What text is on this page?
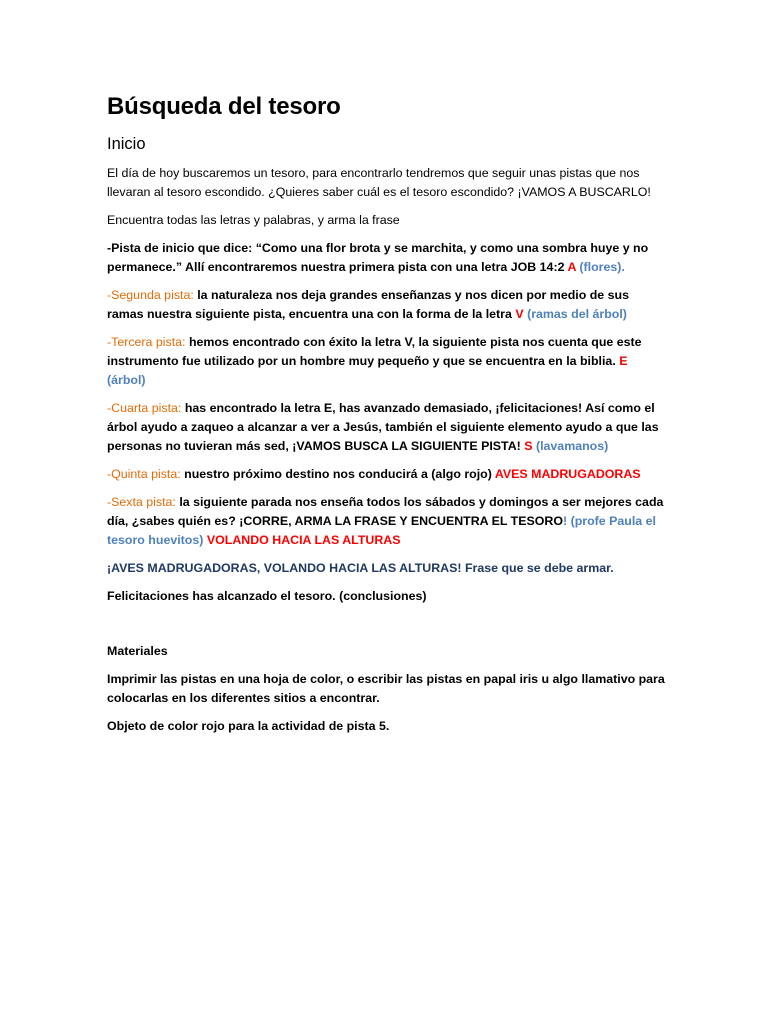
Búsqueda del tesoro
Inicio

El día de hoy buscaremos un tesoro, para encontrarlo tendremos que seguir unas pistas que nos llevaran al tesoro escondido. ¿Quieres saber cuál es el tesoro escondido? ¡VAMOS A BUSCARLO!

Encuentra todas las letras y palabras, y arma la frase

-Pista de inicio que dice: “Como una flor brota y se marchita, y como una sombra huye y no permanece.” Allí encontraremos nuestra primera pista con una letra JOB 14:2 A (flores).

-Segunda pista: la naturaleza nos deja grandes enseñanzas y nos dicen por medio de sus ramas nuestra siguiente pista, encuentra una con la forma de la letra V (ramas del árbol)

-Tercera pista: hemos encontrado con éxito la letra V, la siguiente pista nos cuenta que este instrumento fue utilizado por un hombre muy pequeño y que se encuentra en la biblia. E (árbol)

-Cuarta pista: has encontrado la letra E, has avanzado demasiado, ¡felicitaciones! Así como el árbol ayudo a zaqueo a alcanzar a ver a Jesús, también el siguiente elemento ayudo a que las personas no tuvieran más sed, ¡VAMOS BUSCA LA SIGUIENTE PISTA! S (lavamanos)

-Quinta pista: nuestro próximo destino nos conducirá a (algo rojo) AVES MADRUGADORAS

-Sexta pista: la siguiente parada nos enseña todos los sábados y domingos a ser mejores cada día, ¿sabes quién es? ¡CORRE, ARMA LA FRASE Y ENCUENTRA EL TESORO! (profe Paula el tesoro huevitos) VOLANDO HACIA LAS ALTURAS

¡AVES MADRUGADORAS, VOLANDO HACIA LAS ALTURAS! Frase que se debe armar.

Felicitaciones has alcanzado el tesoro. (conclusiones)

Materiales

Imprimir las pistas en una hoja de color, o escribir las pistas en papal iris u algo llamativo para colocarlas en los diferentes sitios a encontrar.

Objeto de color rojo para la actividad de pista 5.
